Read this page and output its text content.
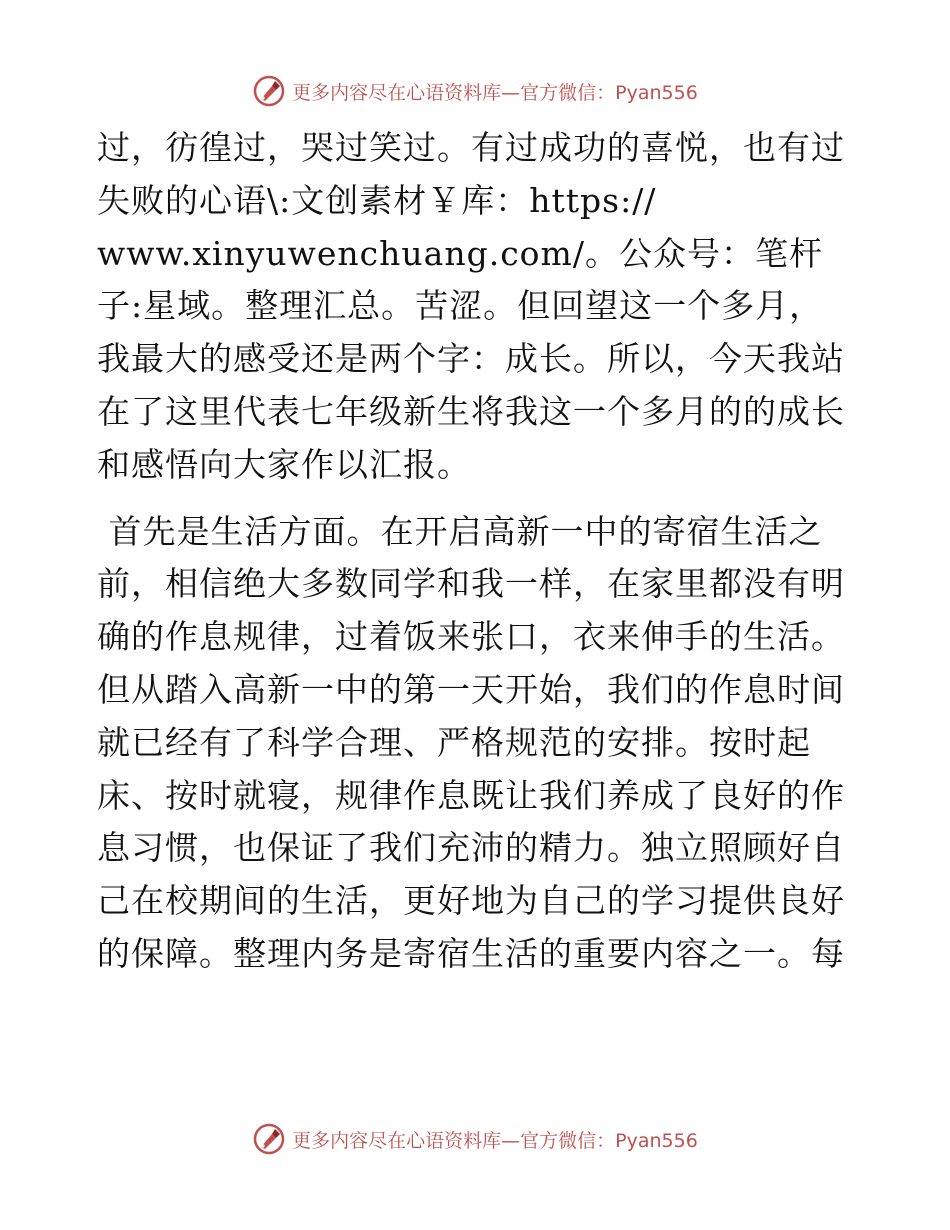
更多内容尽在心语资料库—官方微信：Pyan556

过，彷徨过，哭过笑过。有过成功的喜悦，也有过失败的心语\:文创素材￥库：https://
www.xinyuwenchuang.com/。公众号：笔杆子:星域。整理汇总。苦涩。但回望这一个多月，我最大的感受还是两个字：成长。所以，今天我站在了这里代表七年级新生将我这一个多月的的成长和感悟向大家作以汇报。

首先是生活方面。在开启高新一中的寄宿生活之前，相信绝大多数同学和我一样，在家里都没有明确的作息规律，过着饭来张口，衣来伸手的生活。但从踏入高新一中的第一天开始，我们的作息时间就已经有了科学合理、严格规范的安排。按时起
床、按时就寝，规律作息既让我们养成了良好的作息习惯，也保证了我们充沛的精力。独立照顾好自己在校期间的生活，更好地为自己的学习提供良好的保障。整理内务是寄宿生活的重要内容之一。每

更多内容尽在心语资料库—官方微信：Pyan556
